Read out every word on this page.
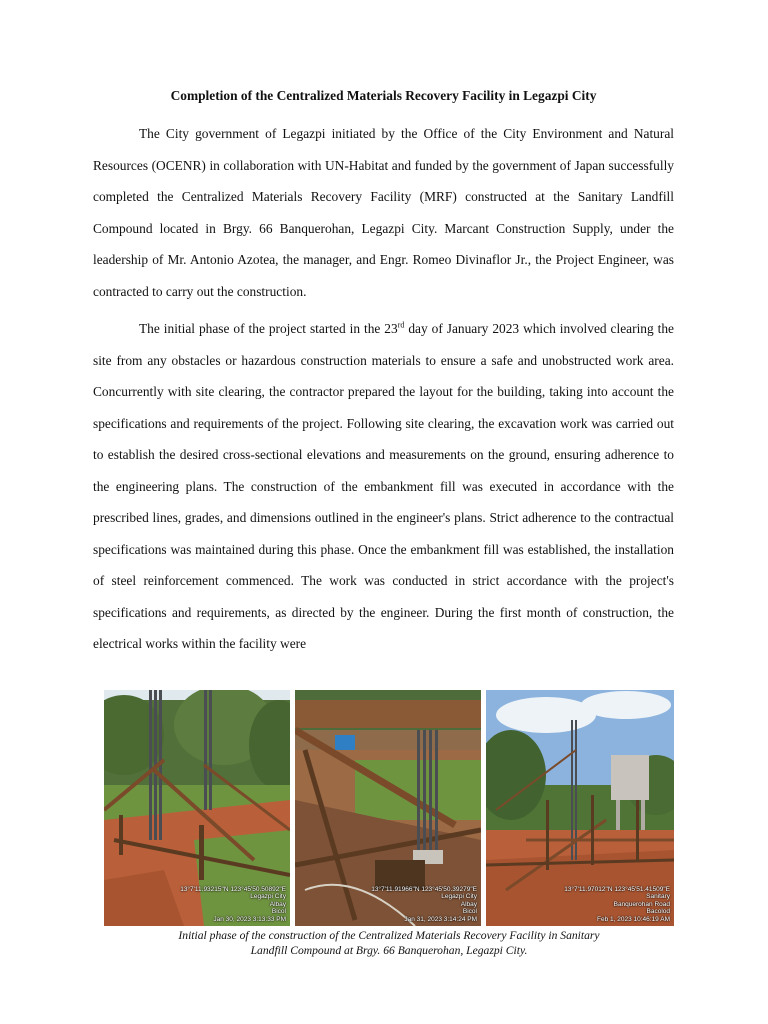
Completion of the Centralized Materials Recovery Facility in Legazpi City

The City government of Legazpi initiated by the Office of the City Environment and Natural Resources (OCENR) in collaboration with UN-Habitat and funded by the government of Japan successfully completed the Centralized Materials Recovery Facility (MRF) constructed at the Sanitary Landfill Compound located in Brgy. 66 Banquerohan, Legazpi City. Marcant Construction Supply, under the leadership of Mr. Antonio Azotea, the manager, and Engr. Romeo Divinaflor Jr., the Project Engineer, was contracted to carry out the construction.

The initial phase of the project started in the 23rd day of January 2023 which involved clearing the site from any obstacles or hazardous construction materials to ensure a safe and unobstructed work area. Concurrently with site clearing, the contractor prepared the layout for the building, taking into account the specifications and requirements of the project. Following site clearing, the excavation work was carried out to establish the desired cross-sectional elevations and measurements on the ground, ensuring adherence to the engineering plans. The construction of the embankment fill was executed in accordance with the prescribed lines, grades, and dimensions outlined in the engineer's plans. Strict adherence to the contractual specifications was maintained during this phase. Once the embankment fill was established, the installation of steel reinforcement commenced. The work was conducted in strict accordance with the project's specifications and requirements, as directed by the engineer. During the first month of construction, the electrical works within the facility were

13°7'11.93215"N 123°45'50.50892"E
Legazpi City
Albay
Bicol
Jan 30, 2023 3:13:33 PM
13°7'11.91966"N 123°45'50.39279"E
Legazpi City
Albay
Bicol
Jan 31, 2023 3:14:24 PM
13°7'11.97012"N 123°45'51.41509"E
Sanitary
Banquerohan Road
Bacolod
Feb 1, 2023 10:46:19 AM
Initial phase of the construction of the Centralized Materials Recovery Facility in Sanitary
Landfill Compound at Brgy. 66 Banquerohan, Legazpi City.
